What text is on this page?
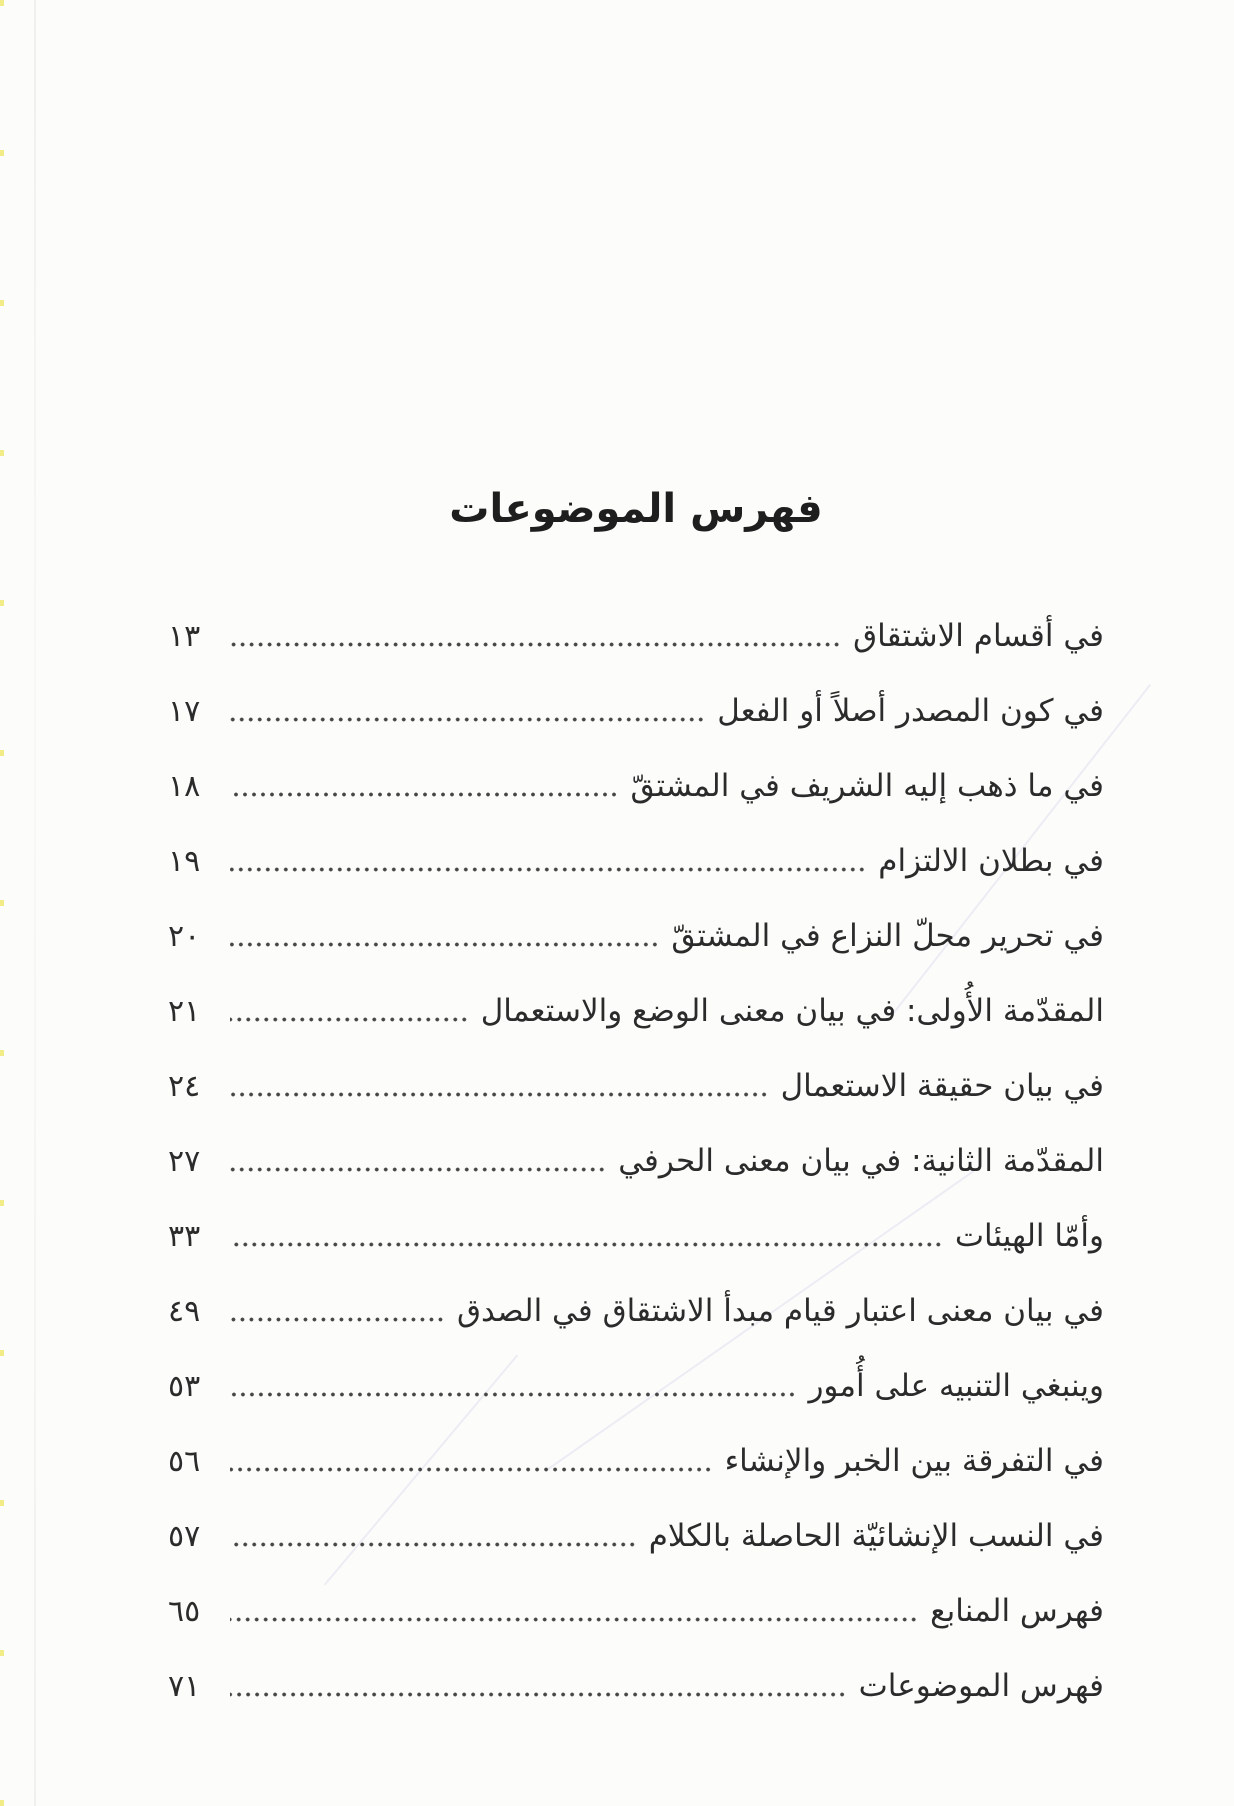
فهرس الموضوعات
في أقسام الاشتقاق
١٣
في كون المصدر أصلاً أو الفعل
١٧
في ما ذهب إليه الشريف في المشتقّ
١٨
في بطلان الالتزام
١٩
في تحرير محلّ النزاع في المشتقّ
٢٠
المقدّمة الأُولى: في بيان معنى الوضع والاستعمال
٢١
في بيان حقيقة الاستعمال
٢٤
المقدّمة الثانية: في بيان معنى الحرفي
٢٧
وأمّا الهيئات
٣٣
في بيان معنى اعتبار قيام مبدأ الاشتقاق في الصدق
٤٩
وينبغي التنبيه على أُمور
٥٣
في التفرقة بين الخبر والإنشاء
٥٦
في النسب الإنشائيّة الحاصلة بالكلام
٥٧
فهرس المنابع
٦٥
فهرس الموضوعات
٧١
